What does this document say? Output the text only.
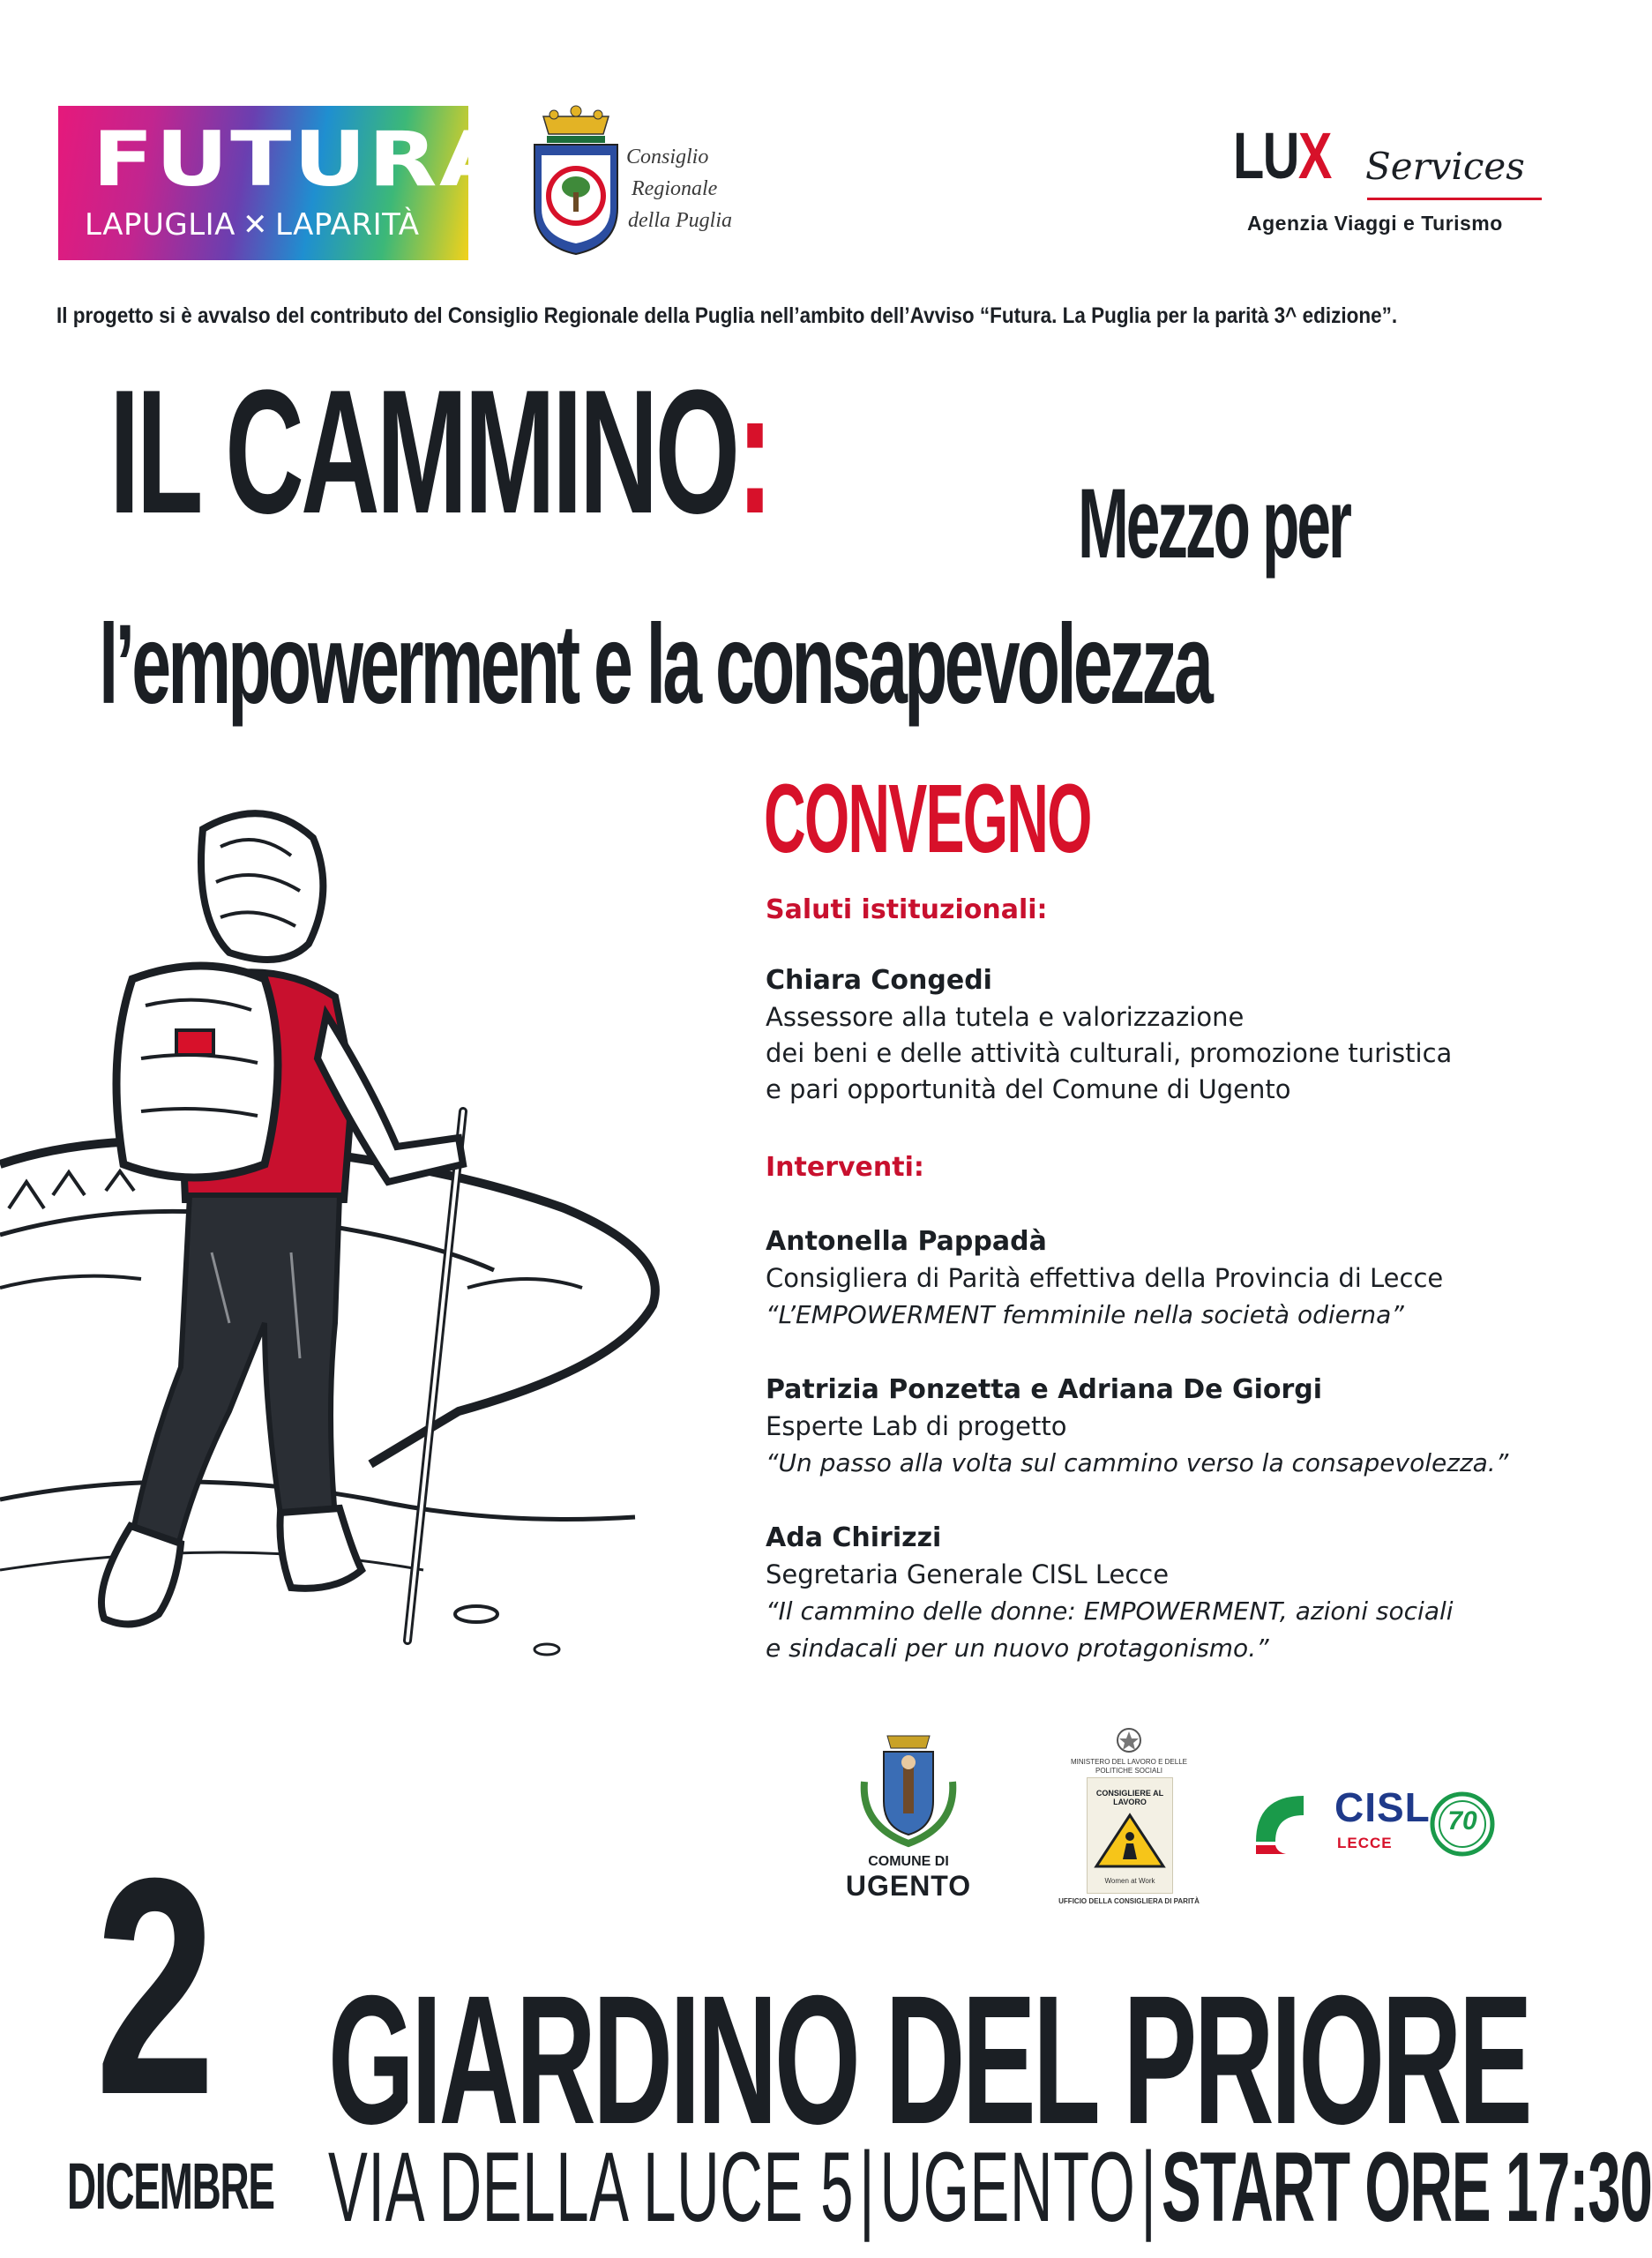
FUTURA
LAPUGLIA ✕ LAPARITÀ
Consiglio
Regionale
della Puglia
LUX Services
Agenzia Viaggi e Turismo
Il progetto si è avvalso del contributo del Consiglio Regionale della Puglia nell’ambito dell’Avviso “Futura. La Puglia per la parità 3^ edizione”.
IL CAMMINO:	Mezzo per
l’empowerment e la consapevolezza
CONVEGNO
Saluti istituzionali:
Chiara Congedi
Assessore alla tutela e valorizzazione
dei beni e delle attività culturali, promozione turistica
e pari opportunità del Comune di Ugento
Interventi:
Antonella Pappadà
Consigliera di Parità effettiva della Provincia di Lecce
“L’EMPOWERMENT femminile nella società odierna”
Patrizia Ponzetta e Adriana De Giorgi
Esperte Lab di progetto
“Un passo alla volta sul cammino verso la consapevolezza.”
Ada Chirizzi
Segretaria Generale CISL Lecce
“Il cammino delle donne: EMPOWERMENT, azioni sociali
e sindacali per un nuovo protagonismo.”
COMUNE DI
UGENTO
MINISTERO DEL LAVORO E DELLE POLITICHE SOCIALI
CONSIGLIERE AL LAVORO
Women at Work
UFFICIO DELLA CONSIGLIERA DI PARITÀ
CISL
LECCE
70
2
DICEMBRE
GIARDINO DEL PRIORE
VIA DELLA LUCE 5|UGENTO|START ORE 17:30
